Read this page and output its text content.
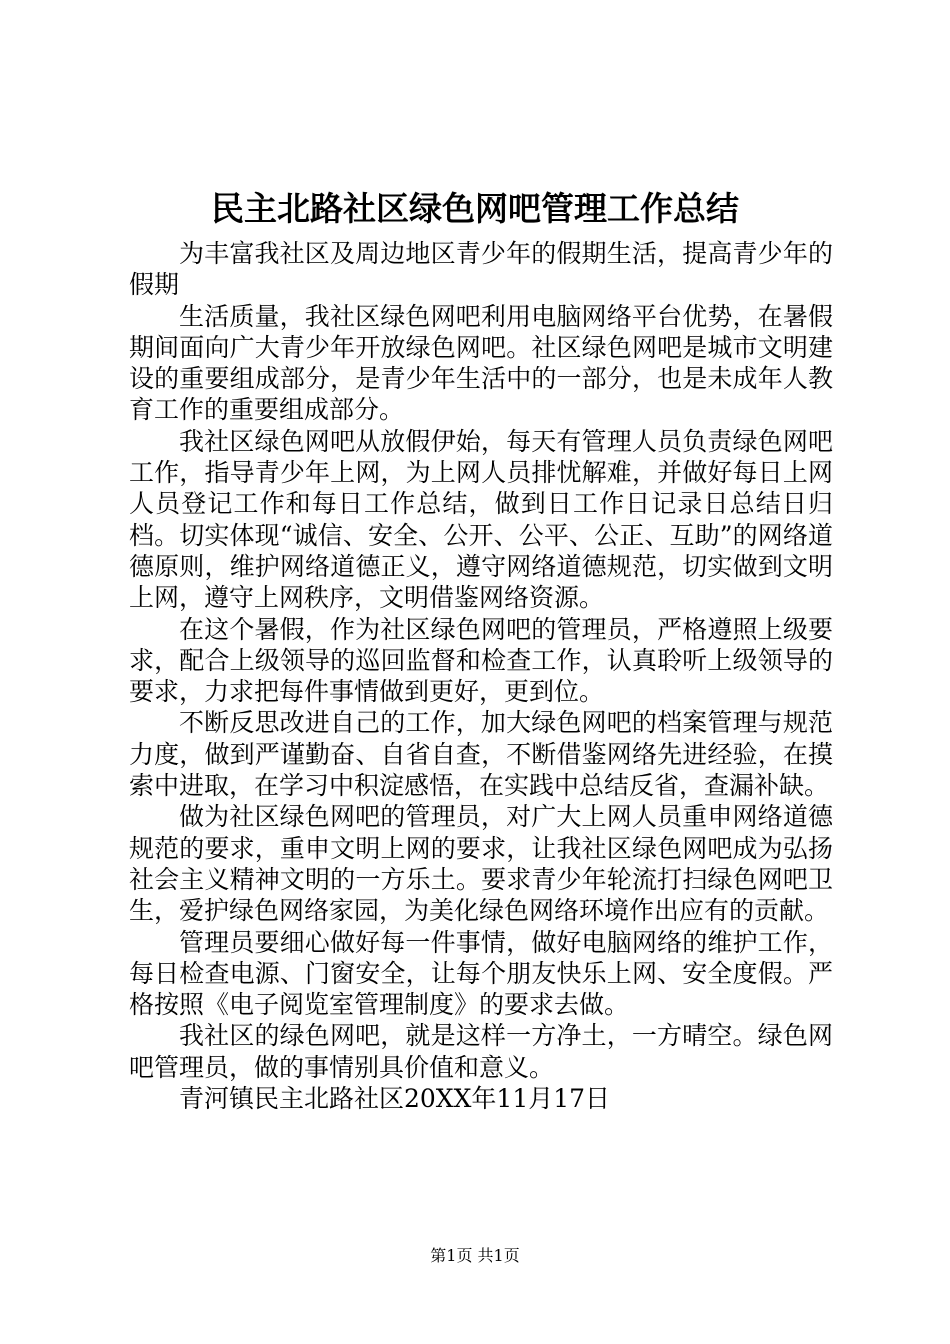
民主北路社区绿色网吧管理工作总结

为丰富我社区及周边地区青少年的假期生活，提高青少年的假期

生活质量，我社区绿色网吧利用电脑网络平台优势，在暑假期间面向广大青少年开放绿色网吧。社区绿色网吧是城市文明建设的重要组成部分，是青少年生活中的一部分，也是未成年人教育工作的重要组成部分。

我社区绿色网吧从放假伊始，每天有管理人员负责绿色网吧工作，指导青少年上网，为上网人员排忧解难，并做好每日上网人员登记工作和每日工作总结，做到日工作日记录日总结日归档。切实体现“诚信、安全、公开、公平、公正、互助”的网络道德原则，维护网络道德正义，遵守网络道德规范，切实做到文明上网，遵守上网秩序，文明借鉴网络资源。

在这个暑假，作为社区绿色网吧的管理员，严格遵照上级要求，配合上级领导的巡回监督和检查工作，认真聆听上级领导的要求，力求把每件事情做到更好，更到位。

不断反思改进自己的工作，加大绿色网吧的档案管理与规范力度，做到严谨勤奋、自省自查，不断借鉴网络先进经验，在摸索中进取，在学习中积淀感悟，在实践中总结反省，查漏补缺。

做为社区绿色网吧的管理员，对广大上网人员重申网络道德规范的要求，重申文明上网的要求，让我社区绿色网吧成为弘扬社会主义精神文明的一方乐土。要求青少年轮流打扫绿色网吧卫生，爱护绿色网络家园，为美化绿色网络环境作出应有的贡献。

管理员要细心做好每一件事情，做好电脑网络的维护工作，每日检查电源、门窗安全，让每个朋友快乐上网、安全度假。严格按照《电子阅览室管理制度》的要求去做。

我社区的绿色网吧，就是这样一方净土，一方晴空。绿色网吧管理员，做的事情别具价值和意义。

青河镇民主北路社区20XX年11月17日

第1页 共1页
